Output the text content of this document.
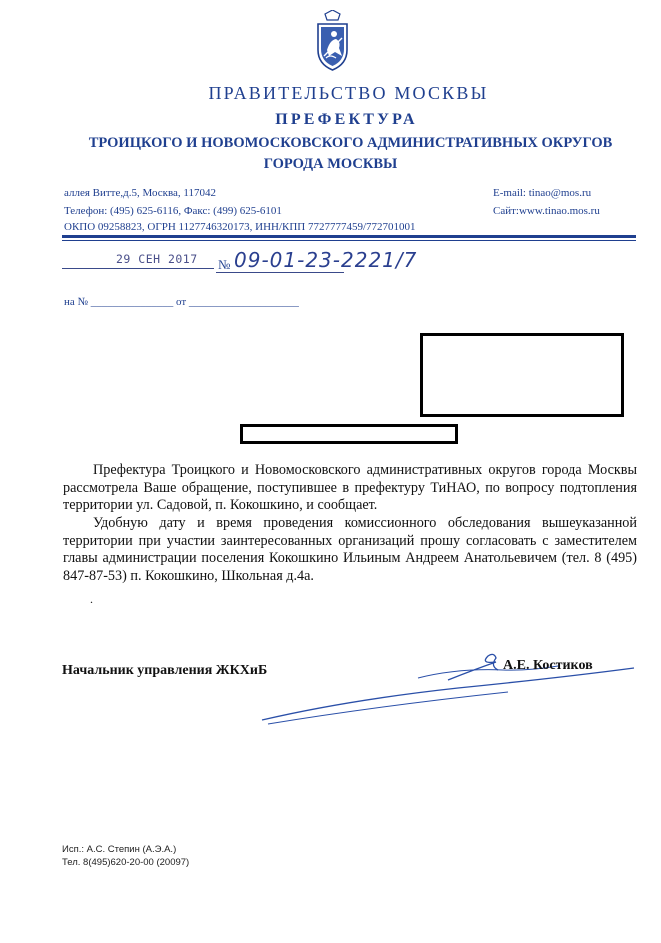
ПРАВИТЕЛЬСТВО МОСКВЫ
ПРЕФЕКТУРА
ТРОИЦКОГО И НОВОМОСКОВСКОГО АДМИНИСТРАТИВНЫХ ОКРУГОВ
ГОРОДА МОСКВЫ
аллея Витте,д.5, Москва, 117042
Телефон: (495) 625-6116, Факс: (499) 625-6101
ОКПО 09258823, ОГРН 1127746320173, ИНН/КПП 7727777459/772701001
E-mail: tinao@mos.ru
Сайт:www.tinao.mos.ru
29 СЕН 2017 № 09-01-23-2221/7
на № _______________ от ____________________
Префектура Троицкого и Новомосковского административных округов города Москвы рассмотрела Ваше обращение, поступившее в префектуру ТиНАО, по вопросу подтопления территории ул. Садовой, п. Кокошкино, и сообщает.
Удобную дату и время проведения комиссионного обследования вышеуказанной территории при участии заинтересованных организаций прошу согласовать с заместителем главы администрации поселения Кокошкино Ильиным Андреем Анатольевичем (тел. 8 (495) 847-87-53) п. Кокошкино, Школьная д.4а.
.
Начальник управления ЖКХиБ	А.Е. Костиков
Исп.: А.С. Степин (А.Э.А.)
Тел. 8(495)620-20-00 (20097)
